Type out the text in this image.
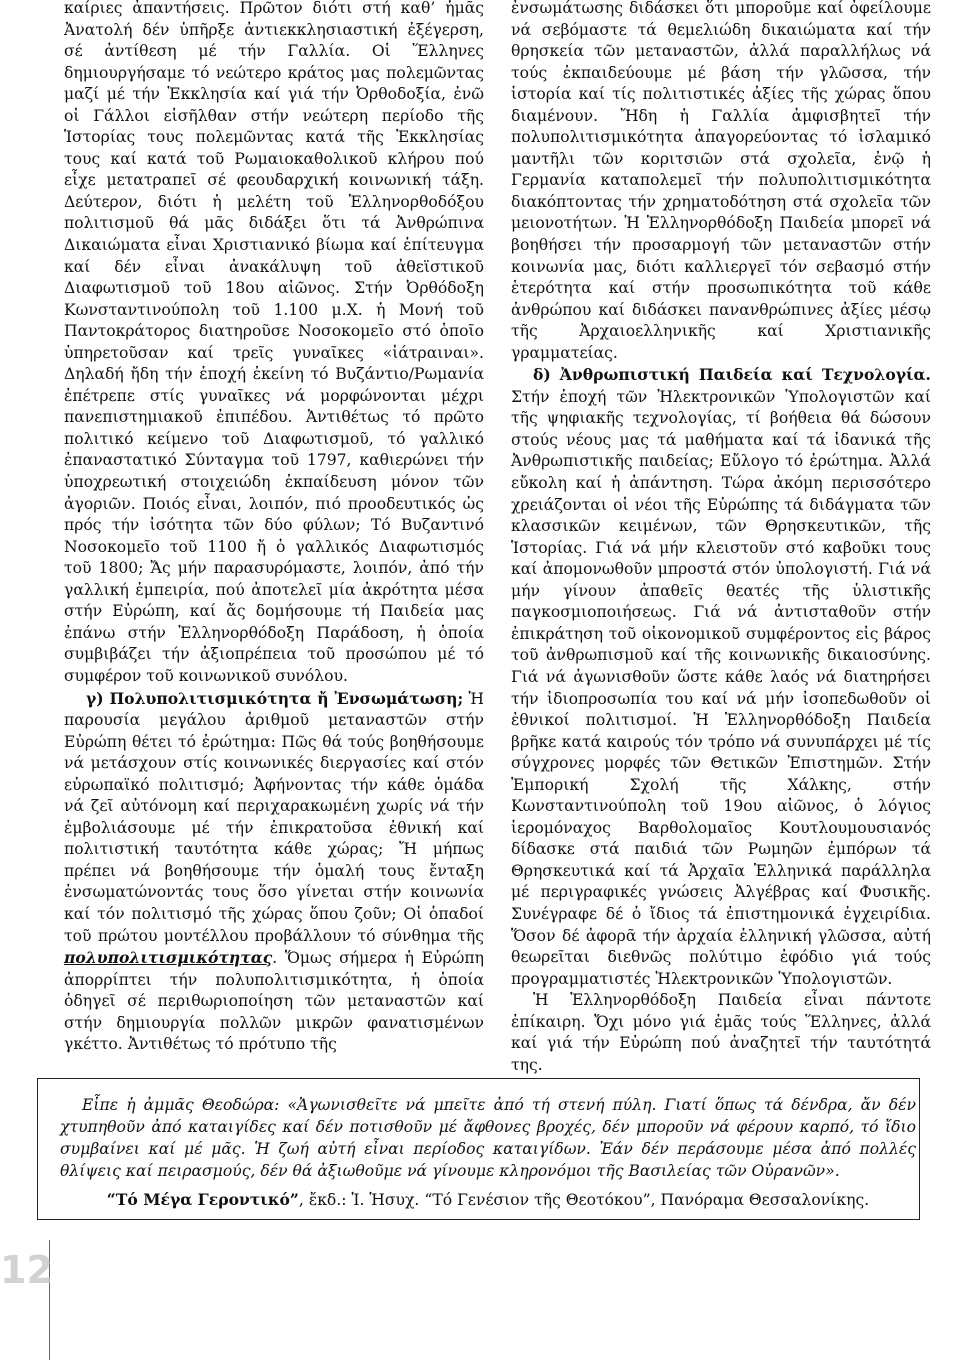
καίριες ἀπαντήσεις. Πρῶτον διότι στή καθ’ ἡμᾶς Ἀνατολή δέν ὑπῆρξε ἀντιεκκλησιαστική ἐξέγερση, σέ ἀντίθεση μέ τήν Γαλλία. Οἱ Ἕλληνες δημιουργήσαμε τό νεώτερο κράτος μας πολεμῶντας μαζί μέ τήν Ἐκκλησία καί γιά τήν Ὀρθοδοξία, ἐνῶ οἱ Γάλλοι εἰσῆλθαν στήν νεώτερη περίοδο τῆς Ἱστορίας τους πολεμῶντας κατά τῆς Ἐκκλησίας τους καί κατά τοῦ Ρωμαιοκαθολικοῦ κλήρου πού εἶχε μετατραπεῖ σέ φεουδαρχική κοινωνική τάξη. Δεύτερον, διότι ἡ μελέτη τοῦ Ἑλληνορθοδόξου πολιτισμοῦ θά μᾶς διδάξει ὅτι τά Ἀνθρώπινα Δικαιώματα εἶναι Χριστιανικό βίωμα καί ἐπίτευγμα καί δέν εἶναι ἀνακάλυψη τοῦ ἀθεϊστικοῦ Διαφωτισμοῦ τοῦ 18ου αἰῶνος. Στήν Ὀρθόδοξη Κωνσταντινούπολη τοῦ 1.100 μ.Χ. ἡ Μονή τοῦ Παντοκράτορος διατηροῦσε Νοσοκομεῖο στό ὁποῖο ὑπηρετοῦσαν καί τρεῖς γυναῖκες «ἰάτραιναι». Δηλαδή ἤδη τήν ἐποχή ἐκείνη τό Βυζάντιο/Ρωμανία ἐπέτρεπε στίς γυναῖκες νά μορφώνονται μέχρι πανεπιστημιακοῦ ἐπιπέδου. Ἀντιθέτως τό πρῶτο πολιτικό κείμενο τοῦ Διαφωτισμοῦ, τό γαλλικό ἐπαναστατικό Σύνταγμα τοῦ 1797, καθιερώνει τήν ὑποχρεωτική στοιχειώδη ἐκπαίδευση μόνον τῶν ἀγοριῶν. Ποιός εἶναι, λοιπόν, πιό προοδευτικός ὡς πρός τήν ἰσότητα τῶν δύο φύλων; Τό Βυζαντινό Νοσοκομεῖο τοῦ 1100 ἤ ὁ γαλλικός Διαφωτισμός τοῦ 1800; Ἄς μήν παρασυρόμαστε, λοιπόν, ἀπό τήν γαλλική ἐμπειρία, πού ἀποτελεῖ μία ἀκρότητα μέσα στήν Εὐρώπη, καί ἄς δομήσουμε τή Παιδεία μας ἐπάνω στήν Ἑλληνορθόδοξη Παράδοση, ἡ ὁποία συμβιβάζει τήν ἀξιοπρέπεια τοῦ προσώπου μέ τό συμφέρον τοῦ κοινωνικοῦ συνόλου.

γ) Πολυπολιτισμικότητα ἤ Ἐνσωμάτωση; Ἡ παρουσία μεγάλου ἀριθμοῦ μεταναστῶν στήν Εὐρώπη θέτει τό ἐρώτημα: Πῶς θά τούς βοηθήσουμε νά μετάσχουν στίς κοινωνικές διεργασίες καί στόν εὐρωπαϊκό πολιτισμό; Ἀφήνοντας τήν κάθε ὁμάδα νά ζεῖ αὐτόνομη καί περιχαρακωμένη χωρίς νά τήν ἐμβολιάσουμε μέ τήν ἐπικρατοῦσα ἐθνική καί πολιτιστική ταυτότητα κάθε χώρας; Ἤ μήπως πρέπει νά βοηθήσουμε τήν ὁμαλή τους ἔνταξη ἐνσωματώνοντάς τους ὅσο γίνεται στήν κοινωνία καί τόν πολιτισμό τῆς χώρας ὅπου ζοῦν; Οἱ ὁπαδοί τοῦ πρώτου μοντέλλου προβάλλουν τό σύνθημα τῆς πολυπολιτισμικότητας. Ὅμως σήμερα ἡ Εὐρώπη ἀπορρίπτει τήν πολυπολιτισμικότητα, ἡ ὁποία ὁδηγεῖ σέ περιθωριοποίηση τῶν μεταναστῶν καί στήν δημιουργία πολλῶν μικρῶν φανατισμένων γκέττο. Ἀντιθέτως τό πρότυπο τῆς

ἐνσωμάτωσης διδάσκει ὅτι μποροῦμε καί ὀφείλουμε νά σεβόμαστε τά θεμελιώδη δικαιώματα καί τήν θρησκεία τῶν μεταναστῶν, ἀλλά παραλλήλως νά τούς ἐκπαιδεύουμε μέ βάση τήν γλῶσσα, τήν ἱστορία καί τίς πολιτιστικές ἀξίες τῆς χώρας ὅπου διαμένουν. Ἤδη ἡ Γαλλία ἀμφισβητεῖ τήν πολυπολιτισμικότητα ἀπαγορεύοντας τό ἰσλαμικό μαντῆλι τῶν κοριτσιῶν στά σχολεῖα, ἐνῷ ἡ Γερμανία καταπολεμεῖ τήν πολυπολιτισμικότητα διακόπτοντας τήν χρηματοδότηση στά σχολεῖα τῶν μειονοτήτων. Ἡ Ἑλληνορθόδοξη Παιδεία μπορεῖ νά βοηθήσει τήν προσαρμογή τῶν μεταναστῶν στήν κοινωνία μας, διότι καλλιεργεῖ τόν σεβασμό στήν ἑτερότητα καί στήν προσωπικότητα τοῦ κάθε ἀνθρώπου καί διδάσκει πανανθρώπινες ἀξίες μέσῳ τῆς Ἀρχαιοελληνικῆς καί Χριστιανικῆς γραμματείας.

δ) Ἀνθρωπιστική Παιδεία καί Τεχνολογία. Στήν ἐποχή τῶν Ἠλεκτρονικῶν Ὑπολογιστῶν καί τῆς ψηφιακῆς τεχνολογίας, τί βοήθεια θά δώσουν στούς νέους μας τά μαθήματα καί τά ἰδανικά τῆς Ἀνθρωπιστικῆς παιδείας; Εὔλογο τό ἐρώτημα. Ἀλλά εὔκολη καί ἡ ἀπάντηση. Τώρα ἀκόμη περισσότερο χρειάζονται οἱ νέοι τῆς Εὐρώπης τά διδάγματα τῶν κλασσικῶν κειμένων, τῶν Θρησκευτικῶν, τῆς Ἱστορίας. Γιά νά μήν κλειστοῦν στό καβοῦκι τους καί ἀπομονωθοῦν μπροστά στόν ὑπολογιστή. Γιά νά μήν γίνουν ἀπαθεῖς θεατές τῆς ὑλιστικῆς παγκοσμιοποιήσεως. Γιά νά ἀντισταθοῦν στήν ἐπικράτηση τοῦ οἰκονομικοῦ συμφέροντος εἰς βάρος τοῦ ἀνθρωπισμοῦ καί τῆς κοινωνικῆς δικαιοσύνης. Γιά νά ἀγωνισθοῦν ὥστε κάθε λαός νά διατηρήσει τήν ἰδιοπροσωπία του καί νά μήν ἰσοπεδωθοῦν οἱ ἐθνικοί πολιτισμοί. Ἡ Ἑλληνορθόδοξη Παιδεία βρῆκε κατά καιρούς τόν τρόπο νά συνυπάρχει μέ τίς σύγχρονες μορφές τῶν Θετικῶν Ἐπιστημῶν. Στήν Ἐμπορική Σχολή τῆς Χάλκης, στήν Κωνσταντινούπολη τοῦ 19ου αἰῶνος, ὁ λόγιος ἱερομόναχος Βαρθολομαῖος Κουτλουμουσιανός δίδασκε στά παιδιά τῶν Ρωμηῶν ἐμπόρων τά Θρησκευτικά καί τά Ἀρχαῖα Ἑλληνικά παράλληλα μέ περιγραφικές γνώσεις Ἀλγέβρας καί Φυσικῆς. Συνέγραφε δέ ὁ ἴδιος τά ἐπιστημονικά ἐγχειρίδια. Ὅσον δέ ἀφορᾶ τήν ἀρχαία ἑλληνική γλῶσσα, αὐτή θεωρεῖται διεθνῶς πολύτιμο ἐφόδιο γιά τούς προγραμματιστές Ἠλεκτρονικῶν Ὑπολογιστῶν.

Ἡ Ἑλληνορθόδοξη Παιδεία εἶναι πάντοτε ἐπίκαιρη. Ὄχι μόνο γιά ἐμᾶς τούς Ἕλληνες, ἀλλά καί γιά τήν Εὐρώπη πού ἀναζητεῖ τήν ταυτότητά της.

Εἶπε ἡ ἀμμᾶς Θεοδώρα: «Ἀγωνισθεῖτε νά μπεῖτε ἀπό τή στενή πύλη. Γιατί ὅπως τά δένδρα, ἄν δέν χτυπηθοῦν ἀπό καταιγίδες καί δέν ποτισθοῦν μέ ἄφθονες βροχές, δέν μποροῦν νά φέρουν καρπό, τό ἴδιο συμβαίνει καί μέ μᾶς. Ἡ ζωή αὐτή εἶναι περίοδος καταιγίδων. Ἐάν δέν περάσουμε μέσα ἀπό πολλές θλίψεις καί πειρασμούς, δέν θά ἀξιωθοῦμε νά γίνουμε κληρονόμοι τῆς Βασιλείας τῶν Οὐρανῶν».

“Τό Μέγα Γεροντικό”, ἔκδ.: Ἱ. Ἡσυχ. “Τό Γενέσιον τῆς Θεοτόκου”, Πανόραμα Θεσσαλονίκης.
12
